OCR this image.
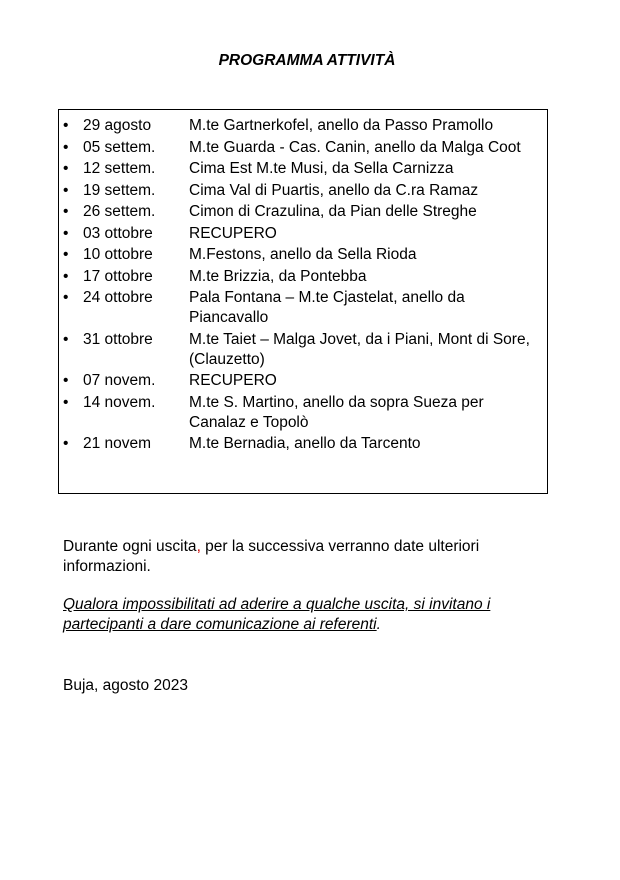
PROGRAMMA ATTIVITÀ
• 29 agosto	M.te Gartnerkofel, anello da Passo Pramollo
• 05 settem.	M.te Guarda - Cas. Canin, anello da Malga Coot
• 12 settem.	Cima Est M.te Musi, da Sella Carnizza
• 19 settem.	Cima Val di Puartis, anello da C.ra Ramaz
• 26 settem.	Cimon di Crazulina, da Pian delle Streghe
• 03 ottobre	RECUPERO
• 10 ottobre	M.Festons, anello da Sella Rioda
• 17 ottobre	M.te Brizzia, da Pontebba
• 24 ottobre	Pala Fontana – M.te Cjastelat, anello da Piancavallo
• 31 ottobre	M.te Taiet – Malga Jovet, da i Piani, Mont di Sore, (Clauzetto)
• 07 novem.	RECUPERO
• 14 novem.	M.te S. Martino, anello da sopra Sueza per Canalaz e Topolò
• 21 novem	M.te Bernadia, anello da Tarcento

Durante ogni uscita, per la successiva verranno date ulteriori informazioni.

Qualora impossibilitati ad aderire a qualche uscita, si invitano i partecipanti a dare comunicazione ai referenti.

Buja, agosto 2023
